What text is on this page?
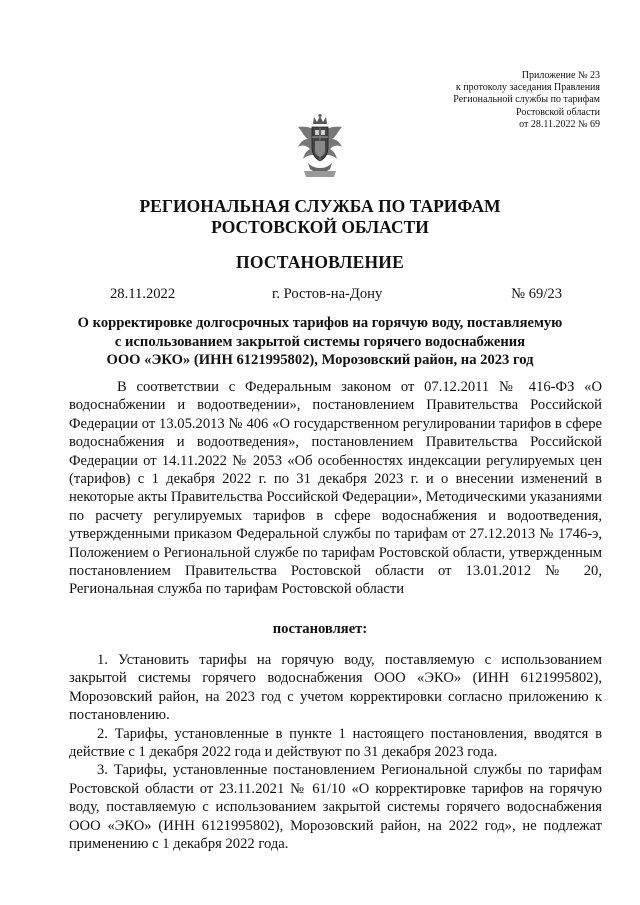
Приложение № 23
к протоколу заседания Правления
Региональной службы по тарифам
Ростовской области
от 28.11.2022 № 69
РЕГИОНАЛЬНАЯ СЛУЖБА ПО ТАРИФАМ
РОСТОВСКОЙ ОБЛАСТИ
ПОСТАНОВЛЕНИЕ
28.11.2022	г. Ростов-на-Дону	№ 69/23
О корректировке долгосрочных тарифов на горячую воду, поставляемую
с использованием закрытой системы горячего водоснабжения
ООО «ЭКО» (ИНН 6121995802), Морозовский район, на 2023 год

В соответствии с Федеральным законом от 07.12.2011 № 416-ФЗ «О водоснабжении и водоотведении», постановлением Правительства Российской Федерации от 13.05.2013 № 406 «О государственном регулировании тарифов в сфере водоснабжения и водоотведения», постановлением Правительства Российской Федерации от 14.11.2022 № 2053 «Об особенностях индексации регулируемых цен (тарифов) с 1 декабря 2022 г. по 31 декабря 2023 г. и о внесении изменений в некоторые акты Правительства Российской Федерации», Методическими указаниями по расчету регулируемых тарифов в сфере водоснабжения и водоотведения, утвержденными приказом Федеральной службы по тарифам от 27.12.2013 № 1746-э, Положением о Региональной службе по тарифам Ростовской области, утвержденным постановлением Правительства Ростовской области от 13.01.2012 № 20, Региональная служба по тарифам Ростовской области

постановляет:

1. Установить тарифы на горячую воду, поставляемую с использованием закрытой системы горячего водоснабжения ООО «ЭКО» (ИНН 6121995802), Морозовский район, на 2023 год с учетом корректировки согласно приложению к постановлению.

2. Тарифы, установленные в пункте 1 настоящего постановления, вводятся в действие с 1 декабря 2022 года и действуют по 31 декабря 2023 года.

3. Тарифы, установленные постановлением Региональной службы по тарифам Ростовской области от 23.11.2021 № 61/10 «О корректировке тарифов на горячую воду, поставляемую с использованием закрытой системы горячего водоснабжения ООО «ЭКО» (ИНН 6121995802), Морозовский район, на 2022 год», не подлежат применению с 1 декабря 2022 года.
